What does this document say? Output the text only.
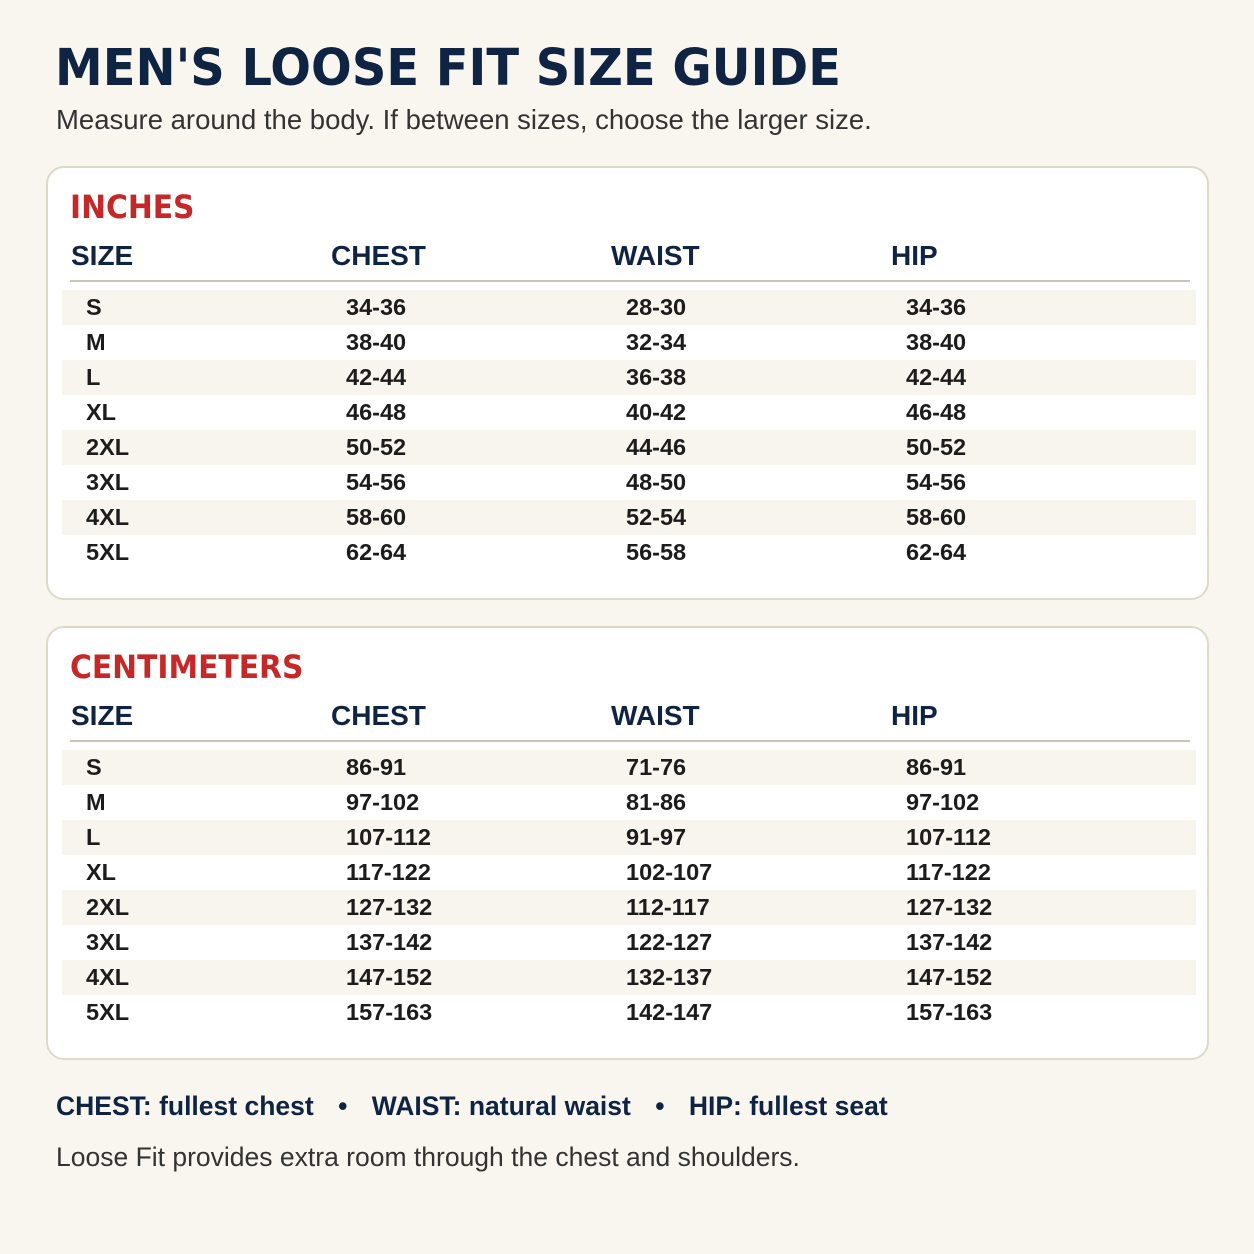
MEN'S LOOSE FIT SIZE GUIDE
Measure around the body. If between sizes, choose the larger size.
INCHES
SIZE	CHEST	WAIST	HIP
S	34-36	28-30	34-36
M	38-40	32-34	38-40
L	42-44	36-38	42-44
XL	46-48	40-42	46-48
2XL	50-52	44-46	50-52
3XL	54-56	48-50	54-56
4XL	58-60	52-54	58-60
5XL	62-64	56-58	62-64
CENTIMETERS
SIZE	CHEST	WAIST	HIP
S	86-91	71-76	86-91
M	97-102	81-86	97-102
L	107-112	91-97	107-112
XL	117-122	102-107	117-122
2XL	127-132	112-117	127-132
3XL	137-142	122-127	137-142
4XL	147-152	132-137	147-152
5XL	157-163	142-147	157-163
CHEST: fullest chest • WAIST: natural waist • HIP: fullest seat
Loose Fit provides extra room through the chest and shoulders.
